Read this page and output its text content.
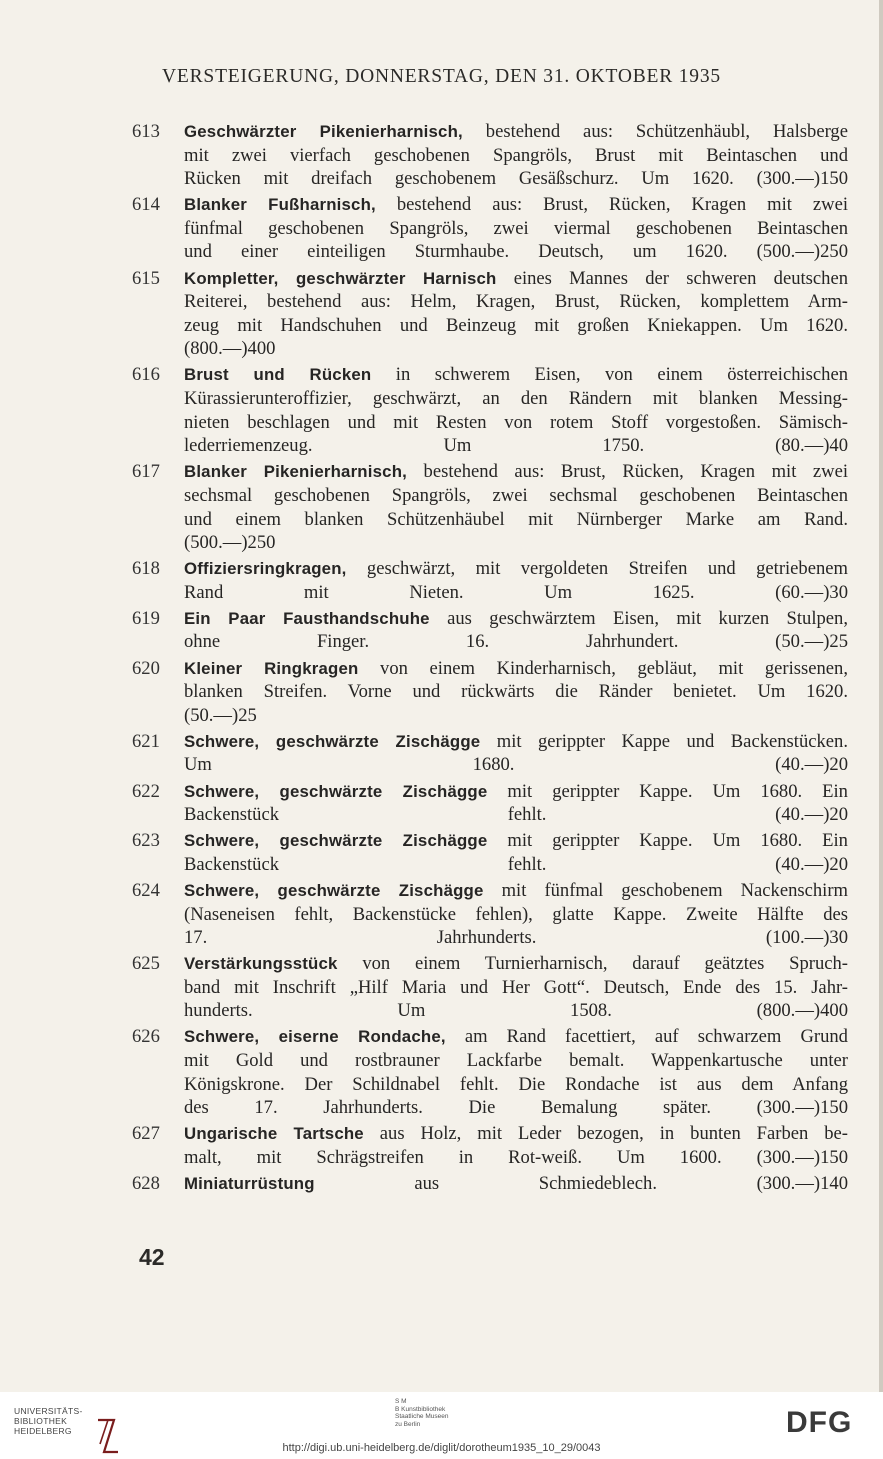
VERSTEIGERUNG, DONNERSTAG, DEN 31. OKTOBER 1935
613	Geschwärzter Pikenierharnisch, bestehend aus: Schützenhäubl, Halsberge
mit zwei vierfach geschobenen Spangröls, Brust mit Beintaschen und
Rücken mit dreifach geschobenem Gesäßschurz. Um 1620. (300.—)150
614	Blanker Fußharnisch, bestehend aus: Brust, Rücken, Kragen mit zwei
fünfmal geschobenen Spangröls, zwei viermal geschobenen Beintaschen
und einer einteiligen Sturmhaube. Deutsch, um 1620. (500.—)250
615	Kompletter, geschwärzter Harnisch eines Mannes der schweren deutschen
Reiterei, bestehend aus: Helm, Kragen, Brust, Rücken, komplettem Arm-
zeug mit Handschuhen und Beinzeug mit großen Kniekappen. Um 1620.
(800.—)400
616	Brust und Rücken in schwerem Eisen, von einem österreichischen
Kürassierunteroffizier, geschwärzt, an den Rändern mit blanken Messing-
nieten beschlagen und mit Resten von rotem Stoff vorgestoßen. Sämisch-
lederriemenzeug. Um 1750. (80.—)40
617	Blanker Pikenierharnisch, bestehend aus: Brust, Rücken, Kragen mit zwei
sechsmal geschobenen Spangröls, zwei sechsmal geschobenen Beintaschen
und einem blanken Schützenhäubel mit Nürnberger Marke am Rand.
(500.—)250
618	Offiziersringkragen, geschwärzt, mit vergoldeten Streifen und getriebenem
Rand mit Nieten. Um 1625. (60.—)30
619	Ein Paar Fausthandschuhe aus geschwärztem Eisen, mit kurzen Stulpen,
ohne Finger. 16. Jahrhundert. (50.—)25
620	Kleiner Ringkragen von einem Kinderharnisch, gebläut, mit gerissenen,
blanken Streifen. Vorne und rückwärts die Ränder benietet. Um 1620.
(50.—)25
621	Schwere, geschwärzte Zischägge mit gerippter Kappe und Backenstücken.
Um 1680. (40.—)20
622	Schwere, geschwärzte Zischägge mit gerippter Kappe. Um 1680. Ein
Backenstück fehlt. (40.—)20
623	Schwere, geschwärzte Zischägge mit gerippter Kappe. Um 1680. Ein
Backenstück fehlt. (40.—)20
624	Schwere, geschwärzte Zischägge mit fünfmal geschobenem Nackenschirm
(Naseneisen fehlt, Backenstücke fehlen), glatte Kappe. Zweite Hälfte des
17. Jahrhunderts. (100.—)30
625	Verstärkungsstück von einem Turnierharnisch, darauf geätztes Spruch-
band mit Inschrift „Hilf Maria und Her Gott“. Deutsch, Ende des 15. Jahr-
hunderts. Um 1508. (800.—)400
626	Schwere, eiserne Rondache, am Rand facettiert, auf schwarzem Grund
mit Gold und rostbrauner Lackfarbe bemalt. Wappenkartusche unter
Königskrone. Der Schildnabel fehlt. Die Rondache ist aus dem Anfang
des 17. Jahrhunderts. Die Bemalung später. (300.—)150
627	Ungarische Tartsche aus Holz, mit Leder bezogen, in bunten Farben be-
malt, mit Schrägstreifen in Rot-weiß. Um 1600. (300.—)150
628	Miniaturrüstung aus Schmiedeblech. (300.—)140
42
UNIVERSITÄTS-
BIBLIOTHEK
HEIDELBERG
S M
B Kunstbibliothek
Staatliche Museen
zu Berlin	DFG
http://digi.ub.uni-heidelberg.de/diglit/dorotheum1935_10_29/0043
